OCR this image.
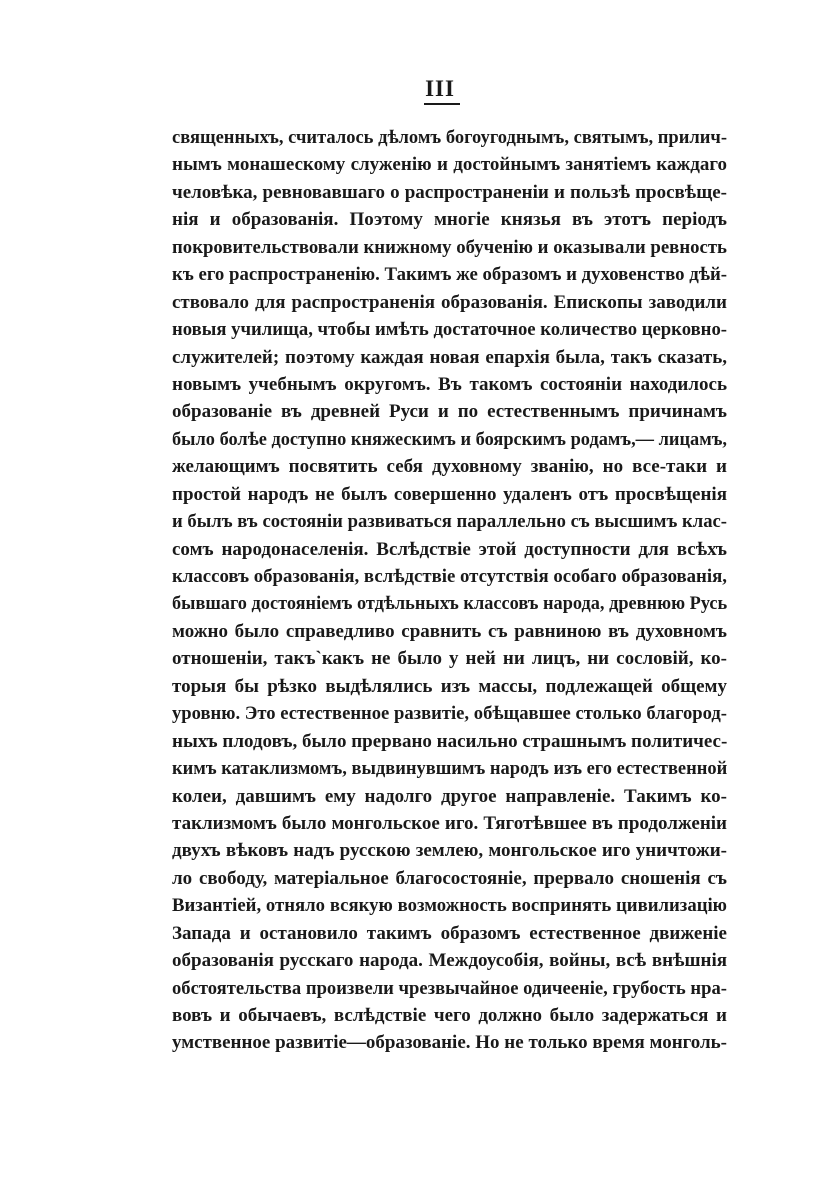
III
священныхъ, считалось дѣломъ богоугоднымъ, святымъ, прилич-
нымъ монашескому служенію и достойнымъ занятіемъ каждаго
человѣка, ревновавшаго о распространеніи и пользѣ просвѣще-
нія и образованія. Поэтому многіе князья въ этотъ періодъ
покровительствовали книжному обученію и оказывали ревность
къ его распространенію. Такимъ же образомъ и духовенство дѣй-
ствовало для распространенія образованія. Епископы заводили
новыя училища, чтобы имѣть достаточное количество церковно-
служителей; поэтому каждая новая епархія была, такъ сказать,
новымъ учебнымъ округомъ. Въ такомъ состояніи находилось
образованіе въ древней Руси и по естественнымъ причинамъ
было болѣе доступно княжескимъ и боярскимъ родамъ,— лицамъ,
желающимъ посвятить себя духовному званію, но все-таки и
простой народъ не былъ совершенно удаленъ отъ просвѣщенія
и былъ въ состояніи развиваться параллельно съ высшимъ клас-
сомъ народонаселенія. Вслѣдствіе этой доступности для всѣхъ
классовъ образованія, вслѣдствіе отсутствія особаго образованія,
бывшаго достояніемъ отдѣльныхъ классовъ народа, древнюю Русь
можно было справедливо сравнить съ равниною въ духовномъ
отношеніи, такъ`какъ не было у ней ни лицъ, ни сословій, ко-
торыя бы рѣзко выдѣлялись изъ массы, подлежащей общему
уровню. Это естественное развитіе, обѣщавшее столько благород-
ныхъ плодовъ, было прервано насильно страшнымъ политичес-
кимъ катаклизмомъ, выдвинувшимъ народъ изъ его естественной
колеи, давшимъ ему надолго другое направленіе. Такимъ ко-
таклизмомъ было монгольское иго. Тяготѣвшее въ продолженіи
двухъ вѣковъ надъ русскою землею, монгольское иго уничтожи-
ло свободу, матеріальное благосостояніе, прервало сношенія съ
Византіей, отняло всякую возможность воспринять цивилизацію
Запада и остановило такимъ образомъ естественное движеніе
образованія русскаго народа. Междоусобія, войны, всѣ внѣшнія
обстоятельства произвели чрезвычайное одичееніе, грубость нра-
вовъ и обычаевъ, вслѣдствіе чего должно было задержаться и
умственное развитіе—образованіе. Но не только время монголь-
